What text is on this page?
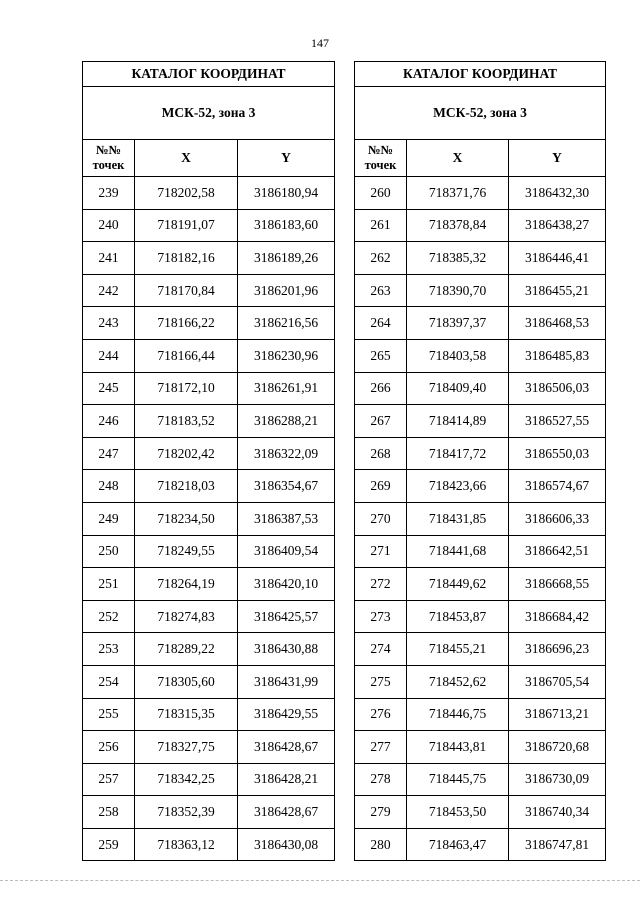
147
КАТАЛОГ КООРДИНАТ		
МСК-52, зона 3		
№№
точек	X	Y
239	718202,58	3186180,94
240	718191,07	3186183,60
241	718182,16	3186189,26
242	718170,84	3186201,96
243	718166,22	3186216,56
244	718166,44	3186230,96
245	718172,10	3186261,91
246	718183,52	3186288,21
247	718202,42	3186322,09
248	718218,03	3186354,67
249	718234,50	3186387,53
250	718249,55	3186409,54
251	718264,19	3186420,10
252	718274,83	3186425,57
253	718289,22	3186430,88
254	718305,60	3186431,99
255	718315,35	3186429,55
256	718327,75	3186428,67
257	718342,25	3186428,21
258	718352,39	3186428,67
259	718363,12	3186430,08
КАТАЛОГ КООРДИНАТ		
МСК-52, зона 3		
№№
точек	X	Y
260	718371,76	3186432,30
261	718378,84	3186438,27
262	718385,32	3186446,41
263	718390,70	3186455,21
264	718397,37	3186468,53
265	718403,58	3186485,83
266	718409,40	3186506,03
267	718414,89	3186527,55
268	718417,72	3186550,03
269	718423,66	3186574,67
270	718431,85	3186606,33
271	718441,68	3186642,51
272	718449,62	3186668,55
273	718453,87	3186684,42
274	718455,21	3186696,23
275	718452,62	3186705,54
276	718446,75	3186713,21
277	718443,81	3186720,68
278	718445,75	3186730,09
279	718453,50	3186740,34
280	718463,47	3186747,81
